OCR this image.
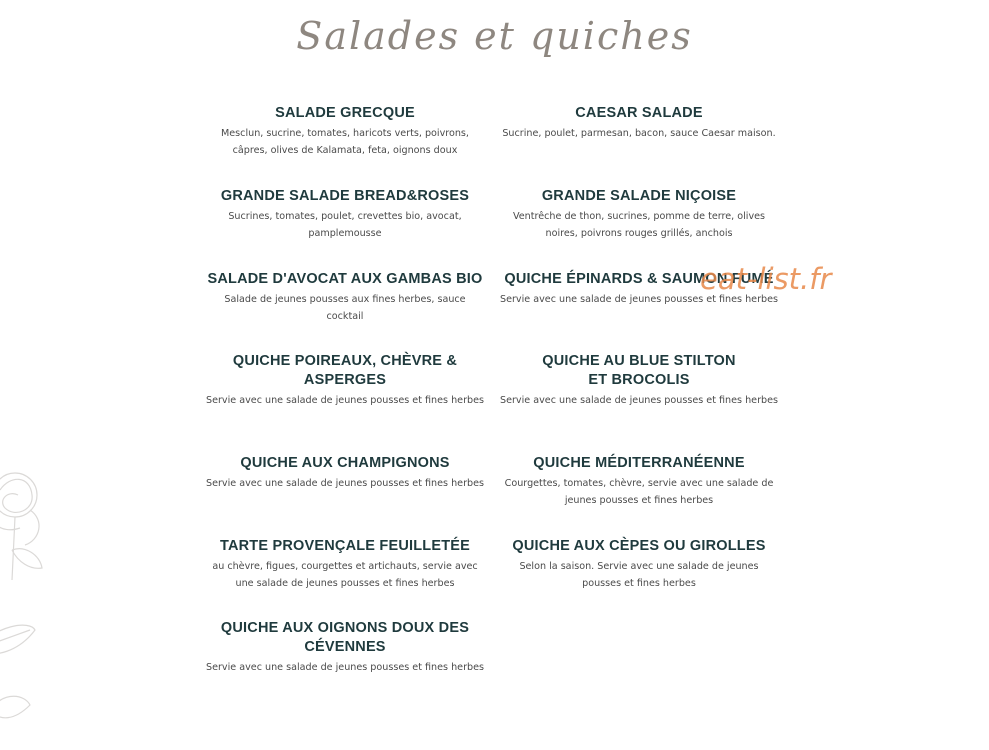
Salades et quiches
SALADE GRECQUE
Mesclun, sucrine, tomates, haricots verts, poivrons, câpres, olives de Kalamata, feta, oignons doux
GRANDE SALADE BREAD&ROSES
Sucrines, tomates, poulet, crevettes bio, avocat, pamplemousse
SALADE D'AVOCAT AUX GAMBAS BIO
Salade de jeunes pousses aux fines herbes, sauce cocktail
QUICHE POIREAUX, CHÈVRE & ASPERGES
Servie avec une salade de jeunes pousses et fines herbes
QUICHE AUX CHAMPIGNONS
Servie avec une salade de jeunes pousses et fines herbes
TARTE PROVENÇALE FEUILLETÉE
au chèvre, figues, courgettes et artichauts, servie avec une salade de jeunes pousses et fines herbes
QUICHE AUX OIGNONS DOUX DES CÉVENNES
Servie avec une salade de jeunes pousses et fines herbes
CAESAR SALADE
Sucrine, poulet, parmesan, bacon, sauce Caesar maison.
GRANDE SALADE NIÇOISE
Ventrêche de thon, sucrines, pomme de terre, olives noires, poivrons rouges grillés, anchois
QUICHE ÉPINARDS & SAUMON FUMÉ
Servie avec une salade de jeunes pousses et fines herbes
QUICHE AU BLUE STILTON ET BROCOLIS
Servie avec une salade de jeunes pousses et fines herbes
QUICHE MÉDITERRANÉENNE
Courgettes, tomates, chèvre, servie avec une salade de jeunes pousses et fines herbes
QUICHE AUX CÈPES OU GIROLLES
Selon la saison. Servie avec une salade de jeunes pousses et fines herbes
eat-list.fr
